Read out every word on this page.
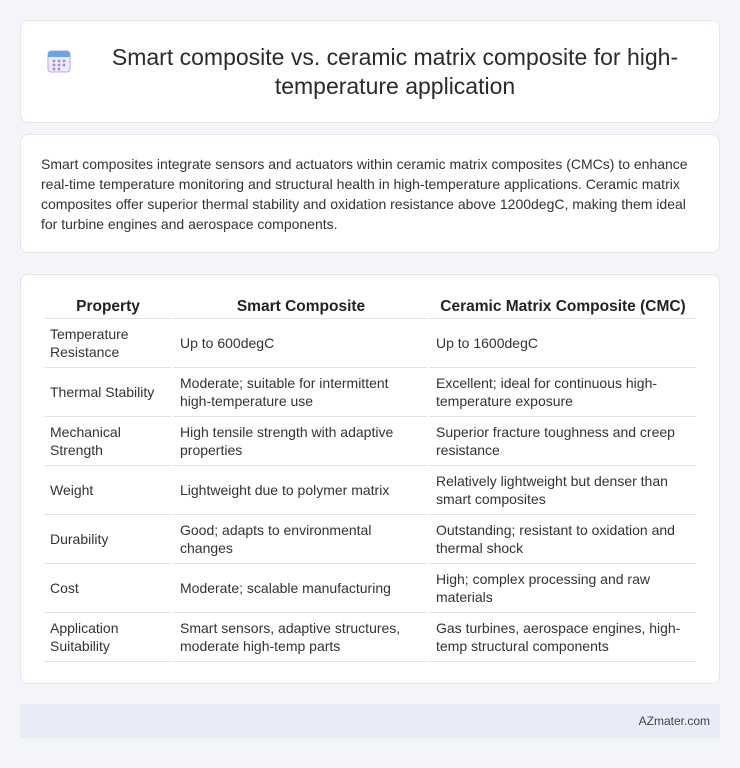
Smart composite vs. ceramic matrix composite for high-temperature application

Smart composites integrate sensors and actuators within ceramic matrix composites (CMCs) to enhance real-time temperature monitoring and structural health in high-temperature applications. Ceramic matrix composites offer superior thermal stability and oxidation resistance above 1200degC, making them ideal for turbine engines and aerospace components.

Property	Smart Composite	Ceramic Matrix Composite (CMC)
Temperature Resistance	Up to 600degC	Up to 1600degC
Thermal Stability	Moderate; suitable for intermittent high-temperature use	Excellent; ideal for continuous high-temperature exposure
Mechanical Strength	High tensile strength with adaptive properties	Superior fracture toughness and creep resistance
Weight	Lightweight due to polymer matrix	Relatively lightweight but denser than smart composites
Durability	Good; adapts to environmental changes	Outstanding; resistant to oxidation and thermal shock
Cost	Moderate; scalable manufacturing	High; complex processing and raw materials
Application Suitability	Smart sensors, adaptive structures, moderate high-temp parts	Gas turbines, aerospace engines, high-temp structural components
AZmater.com
